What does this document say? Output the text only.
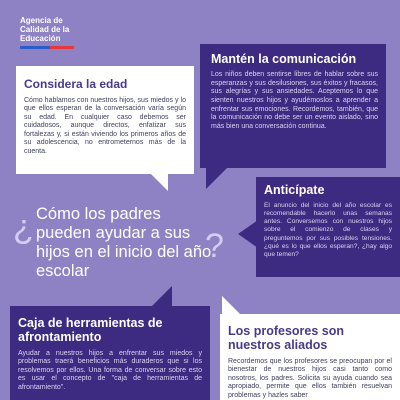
Agencia de
Calidad de la
Educación
Considera la edad
Cómo hablamos con nuestros hijos, sus miedos y lo que ellos esperan de la conversación varía según su edad. En cualquier caso debemos ser cuidadosos, aunque directos, enfatizar sus fortalezas y, si están viviendo los primeros años de su adolescencia, no entrometernos más de la cuenta.
Mantén la comunicación
Los niños deben sentirse libres de hablar sobre sus esperanzas y sus desilusiones, sus éxitos y fracasos, sus alegrías y sus ansiedades. Aceptemos lo que sienten nuestros hijos y ayudémoslos a aprender a enfrentar sus emociones. Recordemos, también, que la comunicación no debe ser un evento aislado, sino más bien una conversación continua.
Anticípate
El anuncio del inicio del año escolar es recomendable hacerlo unas semanas antes. Conversemos con nuestros hijos sobre el comienzo de clases y preguntemos por sus posibles tensiones. ¿qué es lo que ellos esperan?, ¿hay algo que temen?
¿ Cómo los padres pueden ayudar a sus hijos en el inicio del año escolar
?
Caja de herramientas de afrontamiento
Ayudar a nuestros hijos a enfrentar sus miedos y problemas traerá beneficios más duraderos que si los resolvemos por ellos. Una forma de conversar sobre esto es usar el concepto de "caja de herramientas de afrontamiento".
Los profesores son nuestros aliados
Recordemos que los profesores se preocupan por el bienestar de nuestros hijos casi tanto como nosotros, los padres. Solicita su ayuda cuando sea apropiado, permite que ellos también resuelvan problemas y hazles saber
